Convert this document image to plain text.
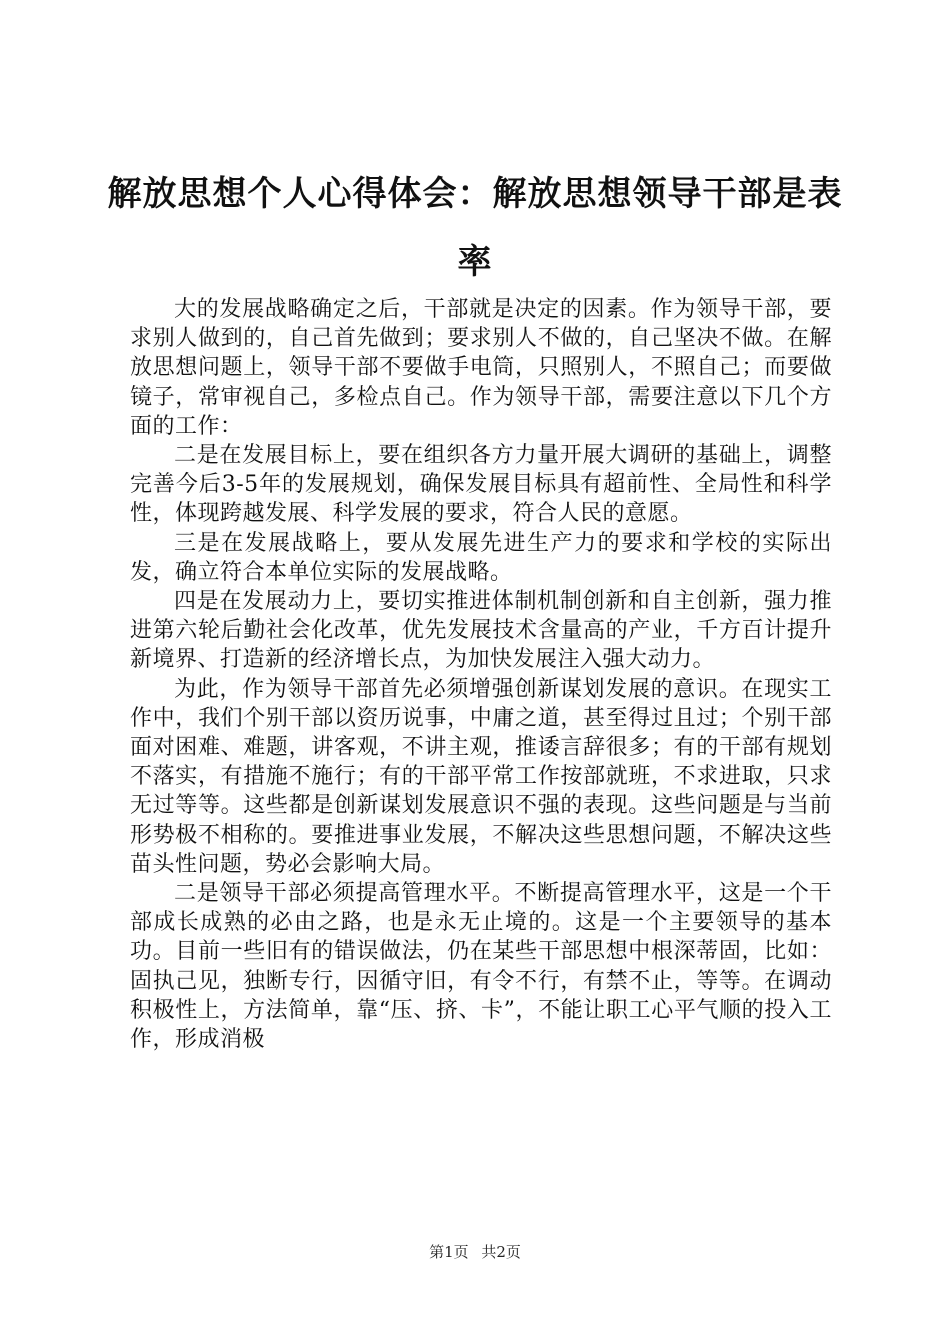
解放思想个人心得体会：解放思想领导干部是表率

大的发展战略确定之后，干部就是决定的因素。作为领导干部，要求别人做到的，自己首先做到；要求别人不做的，自己坚决不做。在解放思想问题上，领导干部不要做手电筒，只照别人，不照自己；而要做镜子，常审视自己，多检点自己。作为领导干部，需要注意以下几个方面的工作：

二是在发展目标上，要在组织各方力量开展大调研的基础上，调整完善今后3-5年的发展规划，确保发展目标具有超前性、全局性和科学性，体现跨越发展、科学发展的要求，符合人民的意愿。

三是在发展战略上，要从发展先进生产力的要求和学校的实际出发，确立符合本单位实际的发展战略。

四是在发展动力上，要切实推进体制机制创新和自主创新，强力推进第六轮后勤社会化改革，优先发展技术含量高的产业，千方百计提升新境界、打造新的经济增长点，为加快发展注入强大动力。

为此，作为领导干部首先必须增强创新谋划发展的意识。在现实工作中，我们个别干部以资历说事，中庸之道，甚至得过且过；个别干部面对困难、难题，讲客观，不讲主观，推诿言辞很多；有的干部有规划不落实，有措施不施行；有的干部平常工作按部就班，不求进取，只求无过等等。这些都是创新谋划发展意识不强的表现。这些问题是与当前形势极不相称的。要推进事业发展，不解决这些思想问题，不解决这些苗头性问题，势必会影响大局。

二是领导干部必须提高管理水平。不断提高管理水平，这是一个干部成长成熟的必由之路，也是永无止境的。这是一个主要领导的基本功。目前一些旧有的错误做法，仍在某些干部思想中根深蒂固，比如：固执己见，独断专行，因循守旧，有令不行，有禁不止，等等。在调动积极性上，方法简单，靠“压、挤、卡”，不能让职工心平气顺的投入工作，形成消极

第1页 共2页
